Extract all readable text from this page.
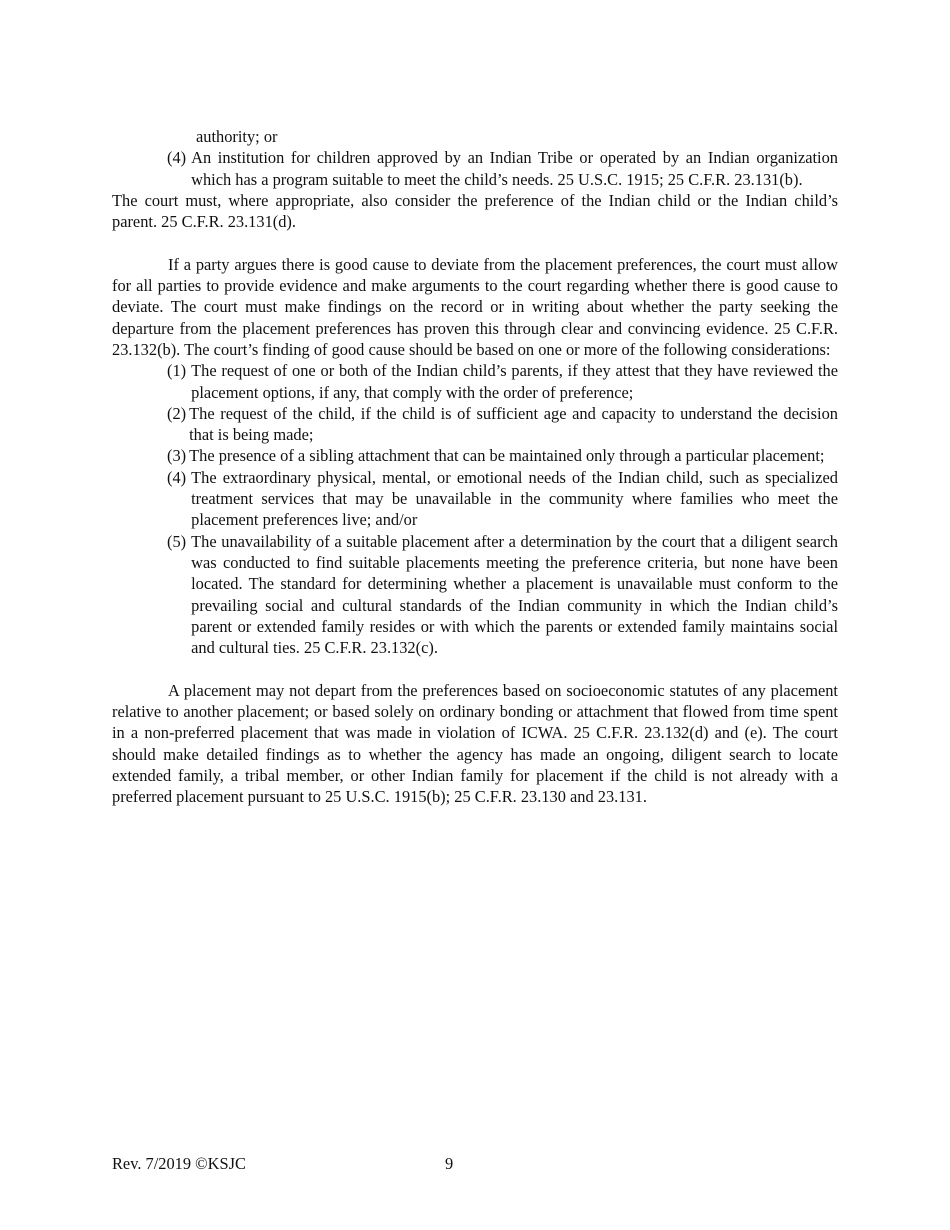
authority; or

(4) An institution for children approved by an Indian Tribe or operated by an Indian organization which has a program suitable to meet the child’s needs. 25 U.S.C. 1915; 25 C.F.R. 23.131(b).

The court must, where appropriate, also consider the preference of the Indian child or the Indian child’s parent. 25 C.F.R. 23.131(d).

If a party argues there is good cause to deviate from the placement preferences, the court must allow for all parties to provide evidence and make arguments to the court regarding whether there is good cause to deviate. The court must make findings on the record or in writing about whether the party seeking the departure from the placement preferences has proven this through clear and convincing evidence. 25 C.F.R. 23.132(b). The court’s finding of good cause should be based on one or more of the following considerations:

(1) The request of one or both of the Indian child’s parents, if they attest that they have reviewed the placement options, if any, that comply with the order of preference;
(2) The request of the child, if the child is of sufficient age and capacity to understand the decision that is being made;
(3) The presence of a sibling attachment that can be maintained only through a particular placement;
(4) The extraordinary physical, mental, or emotional needs of the Indian child, such as specialized treatment services that may be unavailable in the community where families who meet the placement preferences live; and/or
(5) The unavailability of a suitable placement after a determination by the court that a diligent search was conducted to find suitable placements meeting the preference criteria, but none have been located. The standard for determining whether a placement is unavailable must conform to the prevailing social and cultural standards of the Indian community in which the Indian child’s parent or extended family resides or with which the parents or extended family maintains social and cultural ties. 25 C.F.R. 23.132(c).

A placement may not depart from the preferences based on socioeconomic statutes of any placement relative to another placement; or based solely on ordinary bonding or attachment that flowed from time spent in a non-preferred placement that was made in violation of ICWA. 25 C.F.R. 23.132(d) and (e). The court should make detailed findings as to whether the agency has made an ongoing, diligent search to locate extended family, a tribal member, or other Indian family for placement if the child is not already with a preferred placement pursuant to 25 U.S.C. 1915(b); 25 C.F.R. 23.130 and 23.131.

Rev. 7/2019 ©KSJC	9
